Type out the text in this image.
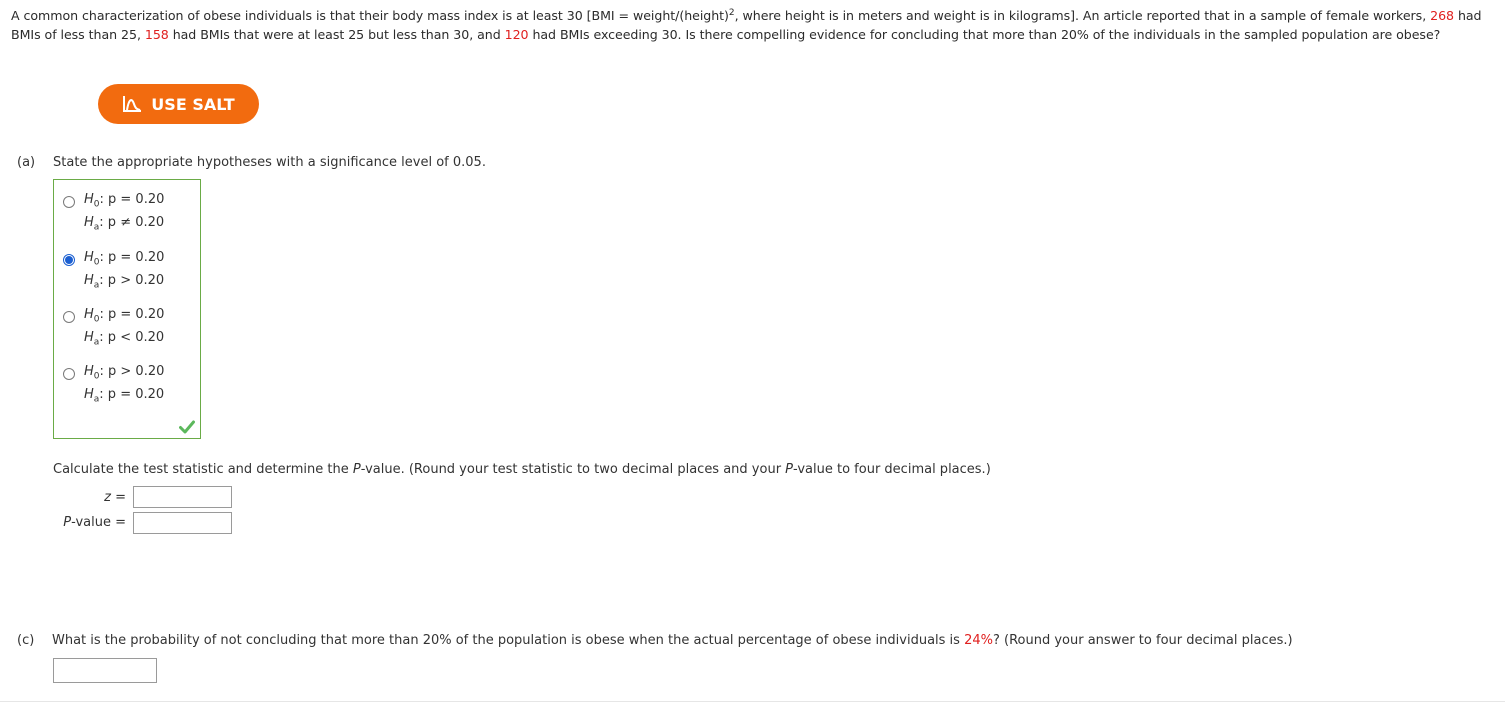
A common characterization of obese individuals is that their body mass index is at least 30 [BMI = weight/(height)$^2$, where height is in meters and weight is in kilograms]. An article reported that in a sample of female workers, 268 had BMIs of less than 25, 158 had BMIs that were at least 25 but less than 30, and 120 had BMIs exceeding 30. Is there compelling evidence for concluding that more than 20% of the individuals in the sampled population are obese?
USE SALT
(a) State the appropriate hypotheses with a significance level of 0.05.
$H_0$: p = 0.20
$H_a$: p ≠ 0.20
$H_0$: p = 0.20
$H_a$: p > 0.20
$H_0$: p = 0.20
$H_a$: p < 0.20
$H_0$: p > 0.20
$H_a$: p = 0.20
Calculate the test statistic and determine the P-value. (Round your test statistic to two decimal places and your P-value to four decimal places.)
z =
P-value =
(c) What is the probability of not concluding that more than 20% of the population is obese when the actual percentage of obese individuals is 24%? (Round your answer to four decimal places.)
